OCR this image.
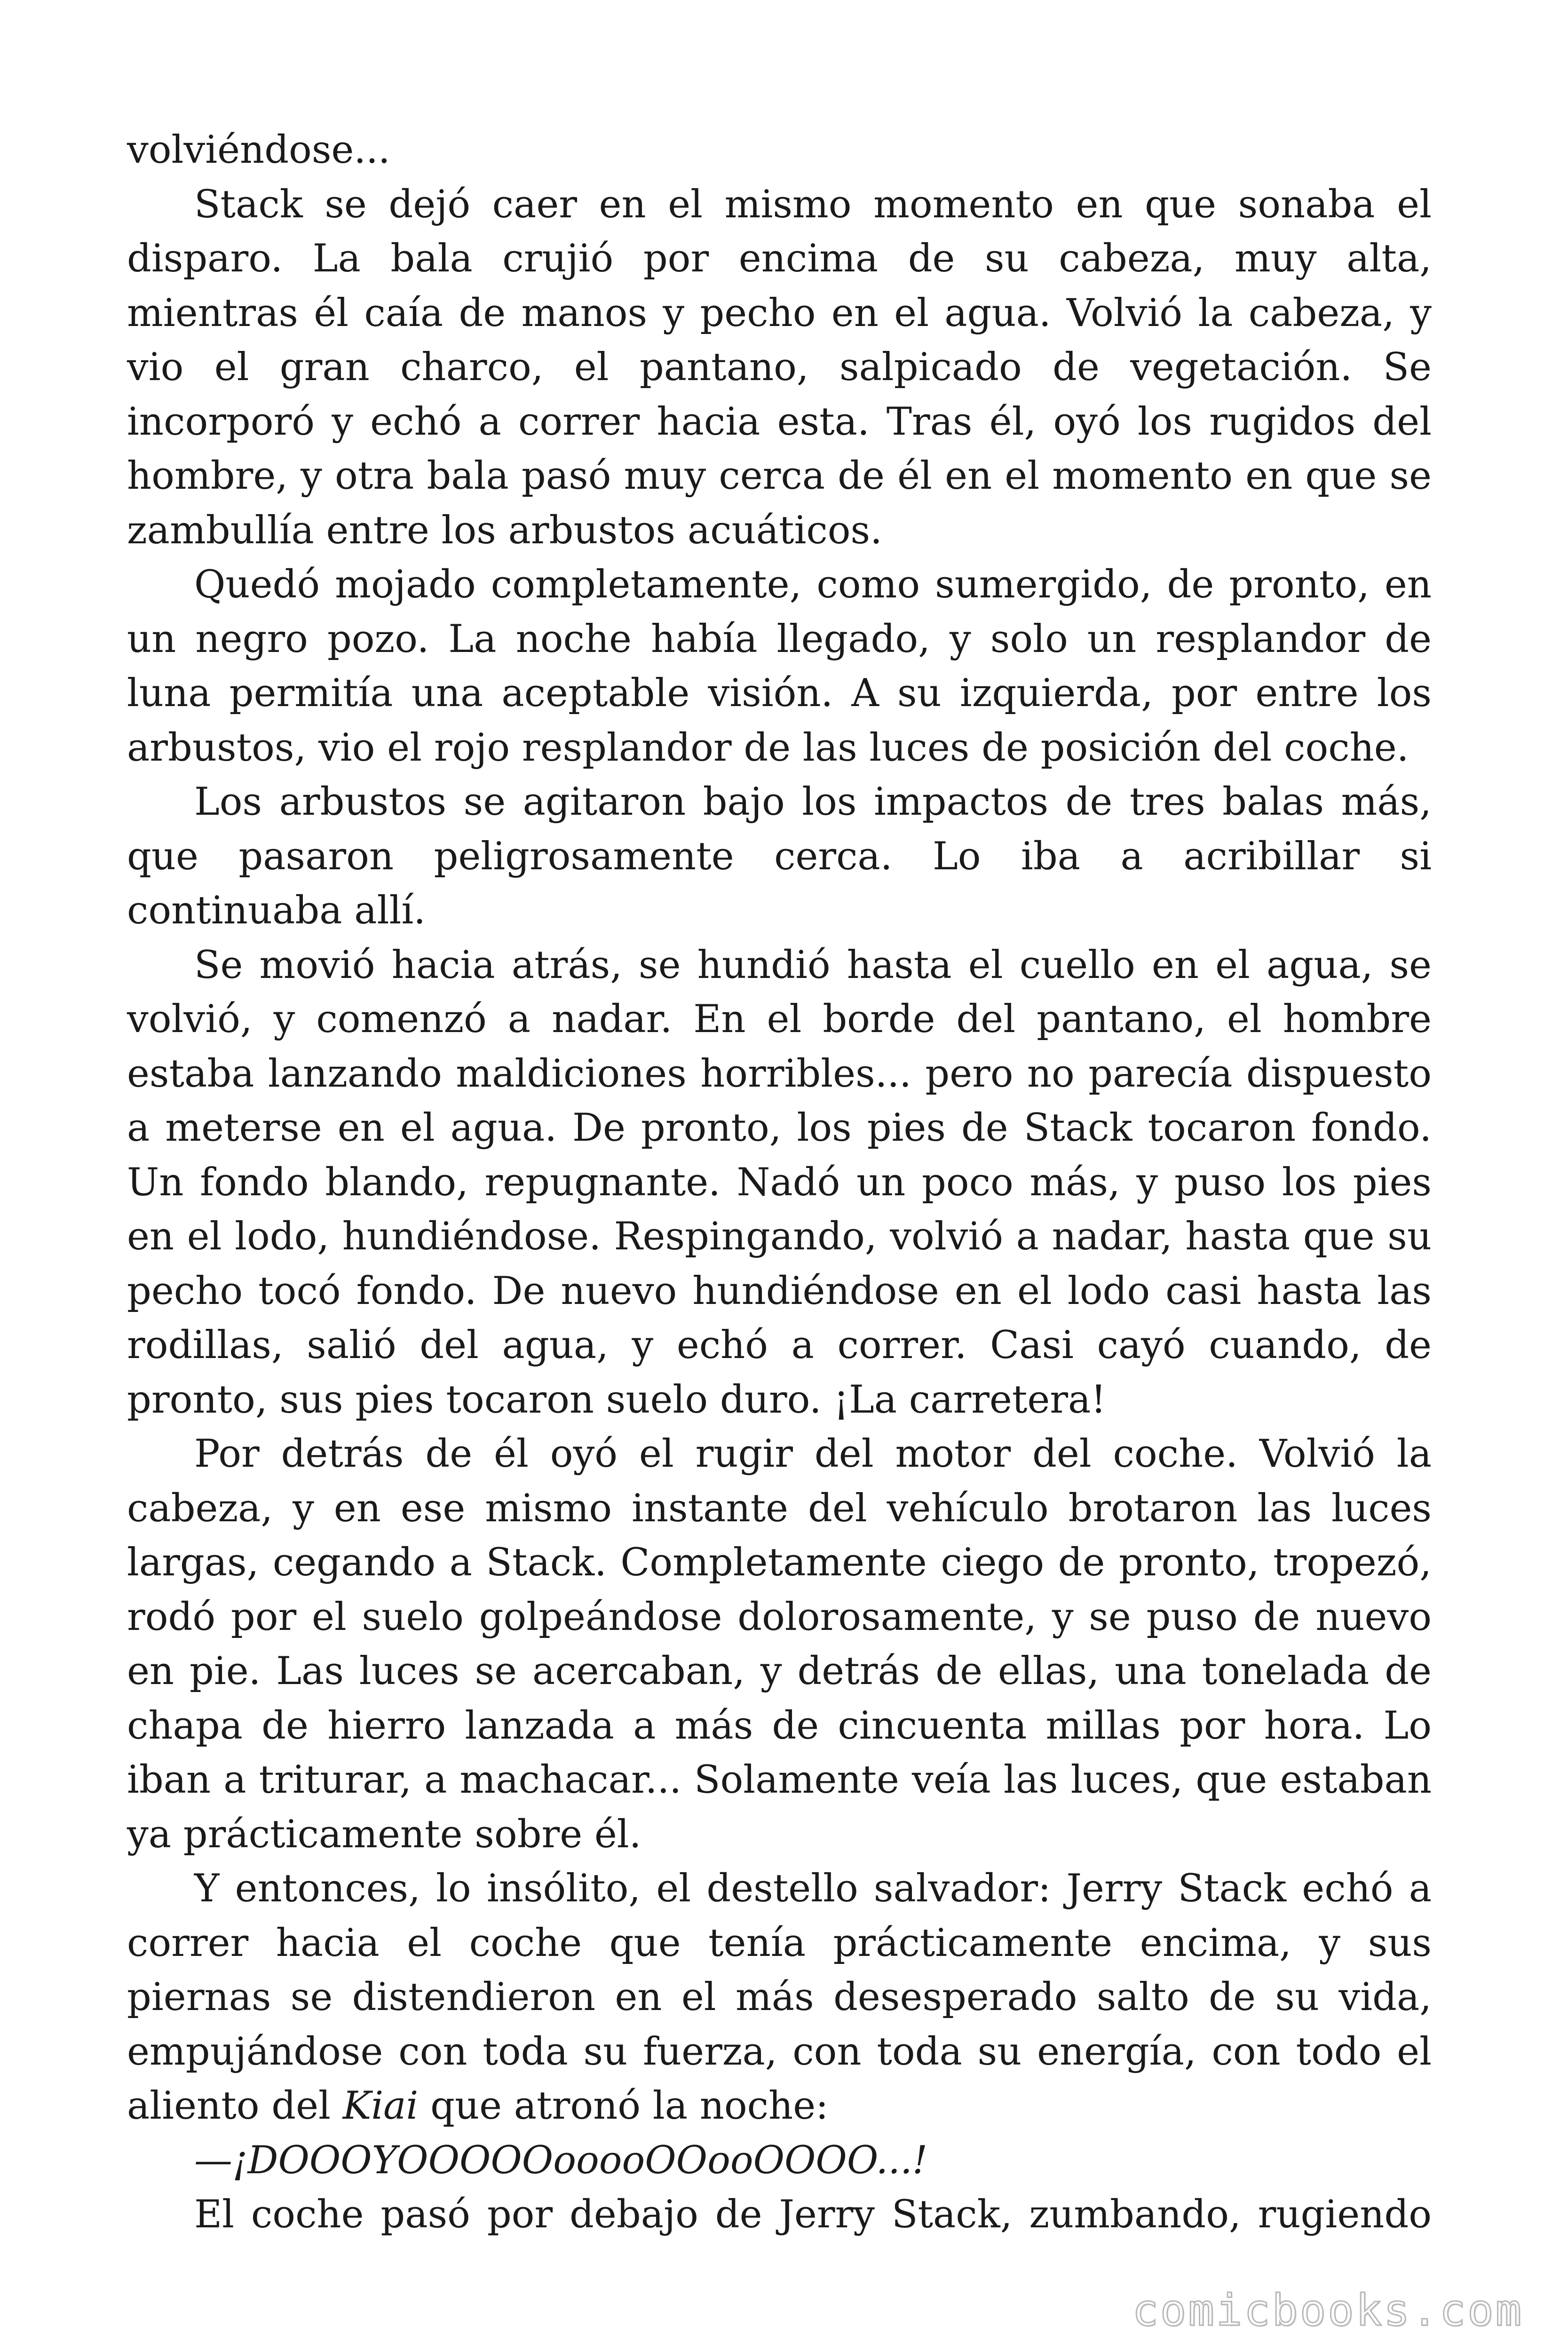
volviéndose...

Stack se dejó caer en el mismo momento en que sonaba el disparo. La bala crujió por encima de su cabeza, muy alta, mientras él caía de manos y pecho en el agua. Volvió la cabeza, y vio el gran charco, el pantano, salpicado de vegetación. Se incorporó y echó a correr hacia esta. Tras él, oyó los rugidos del hombre, y otra bala pasó muy cerca de él en el momento en que se zambullía entre los arbustos acuáticos.

Quedó mojado completamente, como sumergido, de pronto, en un negro pozo. La noche había llegado, y solo un resplandor de luna permitía una aceptable visión. A su izquierda, por entre los arbustos, vio el rojo resplandor de las luces de posición del coche.

Los arbustos se agitaron bajo los impactos de tres balas más, que pasaron peligrosamente cerca. Lo iba a acribillar si continuaba allí.

Se movió hacia atrás, se hundió hasta el cuello en el agua, se volvió, y comenzó a nadar. En el borde del pantano, el hombre estaba lanzando maldiciones horribles... pero no parecía dispuesto a meterse en el agua. De pronto, los pies de Stack tocaron fondo. Un fondo blando, repugnante. Nadó un poco más, y puso los pies en el lodo, hundiéndose. Respingando, volvió a nadar, hasta que su pecho tocó fondo. De nuevo hundiéndose en el lodo casi hasta las rodillas, salió del agua, y echó a correr. Casi cayó cuando, de pronto, sus pies tocaron suelo duro. ¡La carretera!

Por detrás de él oyó el rugir del motor del coche. Volvió la cabeza, y en ese mismo instante del vehículo brotaron las luces largas, cegando a Stack. Completamente ciego de pronto, tropezó, rodó por el suelo golpeándose dolorosamente, y se puso de nuevo en pie. Las luces se acercaban, y detrás de ellas, una tonelada de chapa de hierro lanzada a más de cincuenta millas por hora. Lo iban a triturar, a machacar... Solamente veía las luces, que estaban ya prácticamente sobre él.

Y entonces, lo insólito, el destello salvador: Jerry Stack echó a correr hacia el coche que tenía prácticamente encima, y sus piernas se distendieron en el más desesperado salto de su vida, empujándose con toda su fuerza, con toda su energía, con todo el aliento del Kiai que atronó la noche:

—¡DOOOYOOOOOooooOOooOOOO...!

El coche pasó por debajo de Jerry Stack, zumbando, rugiendo

comicbooks.com
